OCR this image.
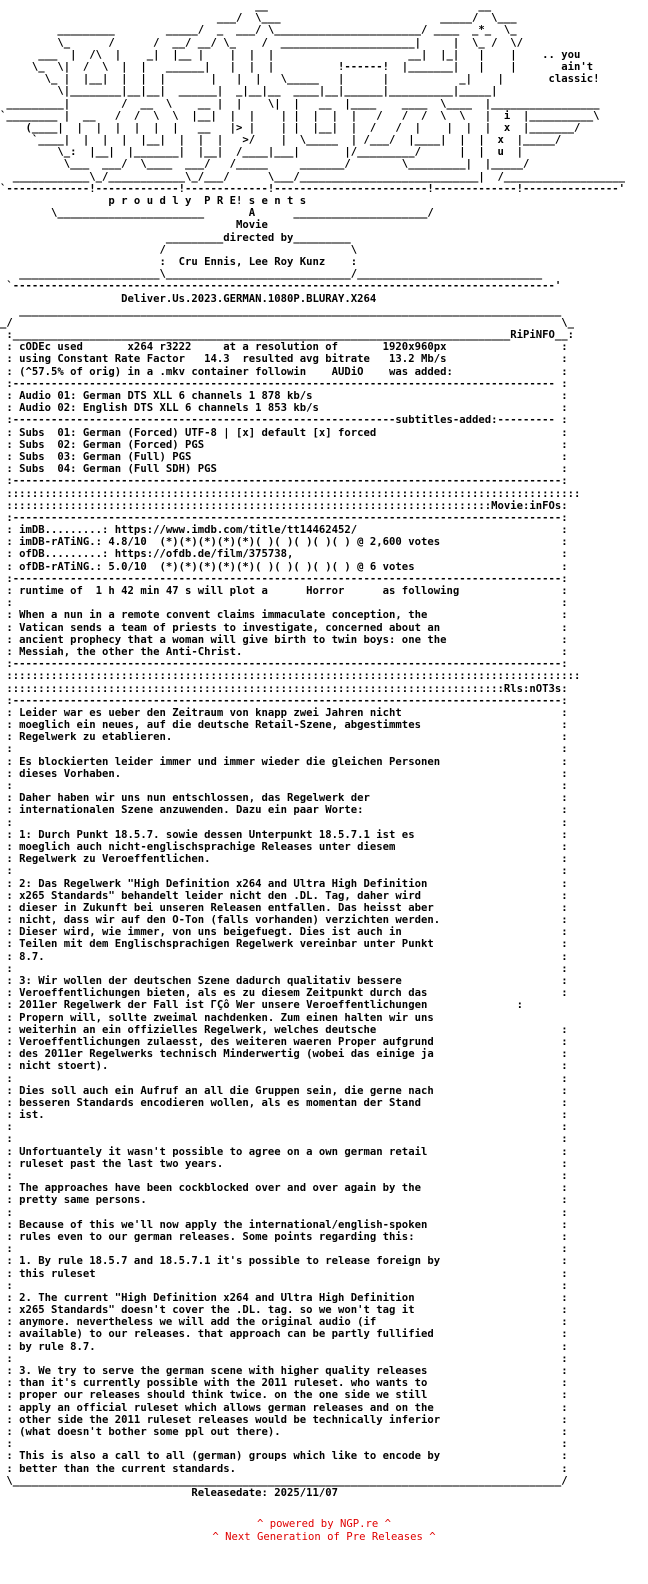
__                                 __
___/  \___                         _____/  \___
_________        _____/  _  ___/ \_______________________/ ____  _*_  \_
\_      /      /  __/ __/ \_    /  _____________________|     |  \_ /  \/
___  |  /\  |    _|  |__ |    |  |  |                     __|  |_|   |    |    .. you
\_  \|  /  \  |  |   ______|   |  |  |          !------!  |_______|   |    |       ain't
\_ |  |__|  |  |  |       |   |  |   \_____   |      |           _|    |       classic!
\|________|__|__|  ______|  _|__|__  ____|__|______|__________|_____|
_________|        /  __  \    __ |  |    \|  |   __  |____    ____  \____  |_________________
`________ |  __   /  /  \  \  |__|  |  |    | |  |  |  |   /   /  /  \  \   |  i  |__________\
(____|  |  |  |  |  |  |   __   |> |    | |  |__|  |  /   /  |    |  |  |  x  |_______/
`____|  |  |  |  |__|  |  |  |   >/    |  \_____  | /___/  |____|  |  |  x  |_____/
\_:  |__|  |_______|  |__|  /____|___|       |/_________/      |  |  u  |
\___  ___/  \____  ___/   /_____     _______/        \_________|  |_____/
____________\_/____________\_/___/      \___/____________________________|  /___________________
`-------------!-------------!-------------!------------------------!-------------!---------------'
p r o u d l y  P R E! s e n t s
\_______________________       A      _____________________/
Movie
_________directed by_________
/                             \
:  Cru Ennis, Lee Roy Kunz    :
______________________\_____________________________/_____________________________
`-------------------------------------------------------------------------------------'
Deliver.Us.2023.GERMAN.1080P.BLURAY.X264
_____________________________________________________________________________________
_/                                                                                      \_
:______________________________________________________________________________RiPiNFO__:
: cODEc used       x264 r3222     at a resolution of       1920x960px                  :
: using Constant Rate Factor   14.3  resulted avg bitrate   13.2 Mb/s                  :
: (^57.5% of orig) in a .mkv container followin    AUDiO    was added:                 :
:------------------------------------------------------------------------------------- :
: Audio 01: German DTS XLL 6 channels 1 878 kb/s                                       :
: Audio 02: English DTS XLL 6 channels 1 853 kb/s                                      :
:------------------------------------------------------------subtitles-added:--------- :
: Subs  01: German (Forced) UTF-8 | [x] default [x] forced                             :
: Subs  02: German (Forced) PGS                                                        :
: Subs  03: German (Full) PGS                                                          :
: Subs  04: German (Full SDH) PGS                                                      :
:--------------------------------------------------------------------------------------:
::::::::::::::::::::::::::::::::::::::::::::::::::::::::::::::::::::::::::::::::::::::::::
::::::::::::::::::::::::::::::::::::::::::::::::::::::::::::::::::::::::::::Movie:inFOs:
:--------------------------------------------------------------------------------------:
: imDB.........: https://www.imdb.com/title/tt14462452/                                :
: imDB-rATiNG.: 4.8/10  (*)(*)(*)(*)(*)( )( )( )( )( ) @ 2,600 votes                   :
: ofDB.........: https://ofdb.de/film/375738,                                          :
: ofDB-rATiNG.: 5.0/10  (*)(*)(*)(*)(*)( )( )( )( )( ) @ 6 votes                       :
:--------------------------------------------------------------------------------------:
: runtime of  1 h 42 min 47 s will plot a      Horror      as following                :
:                                                                                      :
: When a nun in a remote convent claims immaculate conception, the                     :
: Vatican sends a team of priests to investigate, concerned about an                   :
: ancient prophecy that a woman will give birth to twin boys: one the                  :
: Messiah, the other the Anti-Christ.                                                  :
:--------------------------------------------------------------------------------------:
::::::::::::::::::::::::::::::::::::::::::::::::::::::::::::::::::::::::::::::::::::::::::
::::::::::::::::::::::::::::::::::::::::::::::::::::::::::::::::::::::::::::::Rls:nOT3s:
:--------------------------------------------------------------------------------------:
: Leider war es ueber den Zeitraum von knapp zwei Jahren nicht                         :
: moeglich ein neues, auf die deutsche Retail-Szene, abgestimmtes                      :
: Regelwerk zu etablieren.                                                             :
:                                                                                      :
: Es blockierten leider immer und immer wieder die gleichen Personen                   :
: dieses Vorhaben.                                                                     :
:                                                                                      :
: Daher haben wir uns nun entschlossen, das Regelwerk der                              :
: internationalen Szene anzuwenden. Dazu ein paar Worte:                               :
:                                                                                      :
: 1: Durch Punkt 18.5.7. sowie dessen Unterpunkt 18.5.7.1 ist es                       :
: moeglich auch nicht-englischsprachige Releases unter diesem                          :
: Regelwerk zu Veroeffentlichen.                                                       :
:                                                                                      :
: 2: Das Regelwerk "High Definition x264 and Ultra High Definition                     :
: x265 Standards" behandelt leider nicht den .DL. Tag, daher wird                      :
: dieser in Zukunft bei unseren Releasen entfallen. Das heisst aber                    :
: nicht, dass wir auf den O-Ton (falls vorhanden) verzichten werden.                   :
: Dieser wird, wie immer, von uns beigefuegt. Dies ist auch in                         :
: Teilen mit dem Englischsprachigen Regelwerk vereinbar unter Punkt                    :
: 8.7.                                                                                 :
:                                                                                      :
: 3: Wir wollen der deutschen Szene dadurch qualitativ bessere                         :
: Veroeffentlichungen bieten, als es zu diesem Zeitpunkt durch das                     :
: 2011er Regelwerk der Fall ist ΓÇô Wer unsere Veroeffentlichungen              :
: Propern will, sollte zweimal nachdenken. Zum einen halten wir uns
: weiterhin an ein offizielles Regelwerk, welches deutsche                             :
: Veroeffentlichungen zulaesst, des weiteren waeren Proper aufgrund                    :
: des 2011er Regelwerks technisch Minderwertig (wobei das einige ja                    :
: nicht stoert).                                                                       :
:                                                                                      :
: Dies soll auch ein Aufruf an all die Gruppen sein, die gerne nach                    :
: besseren Standards encodieren wollen, als es momentan der Stand                      :
: ist.                                                                                 :
:                                                                                      :
:                                                                                      :
: Unfortuantely it wasn't possible to agree on a own german retail                     :
: ruleset past the last two years.                                                     :
:                                                                                      :
: The approaches have been cockblocked over and over again by the                      :
: pretty same persons.                                                                 :
:                                                                                      :
: Because of this we'll now apply the international/english-spoken                     :
: rules even to our german releases. Some points regarding this:                       :
:                                                                                      :
: 1. By rule 18.5.7 and 18.5.7.1 it's possible to release foreign by                   :
: this ruleset                                                                         :
:                                                                                      :
: 2. The current "High Definition x264 and Ultra High Definition                       :
: x265 Standards" doesn't cover the .DL. tag. so we won't tag it                       :
: anymore. nevertheless we will add the original audio (if                             :
: available) to our releases. that approach can be partly fullified                    :
: by rule 8.7.                                                                         :
:                                                                                      :
: 3. We try to serve the german scene with higher quality releases                     :
: than it's currently possible with the 2011 ruleset. who wants to                     :
: proper our releases should think twice. on the one side we still                     :
: apply an official ruleset which allows german releases and on the                    :
: other side the 2011 ruleset releases would be technically inferior                   :
: (what doesn't bother some ppl out there).                                            :
:                                                                                      :
: This is also a call to all (german) groups which like to encode by                   :
: better than the current standards.                                                   :
\______________________________________________________________________________________/
Releasedate: 2025/11/07
^ powered by NGP.re ^
^ Next Generation of Pre Releases ^
